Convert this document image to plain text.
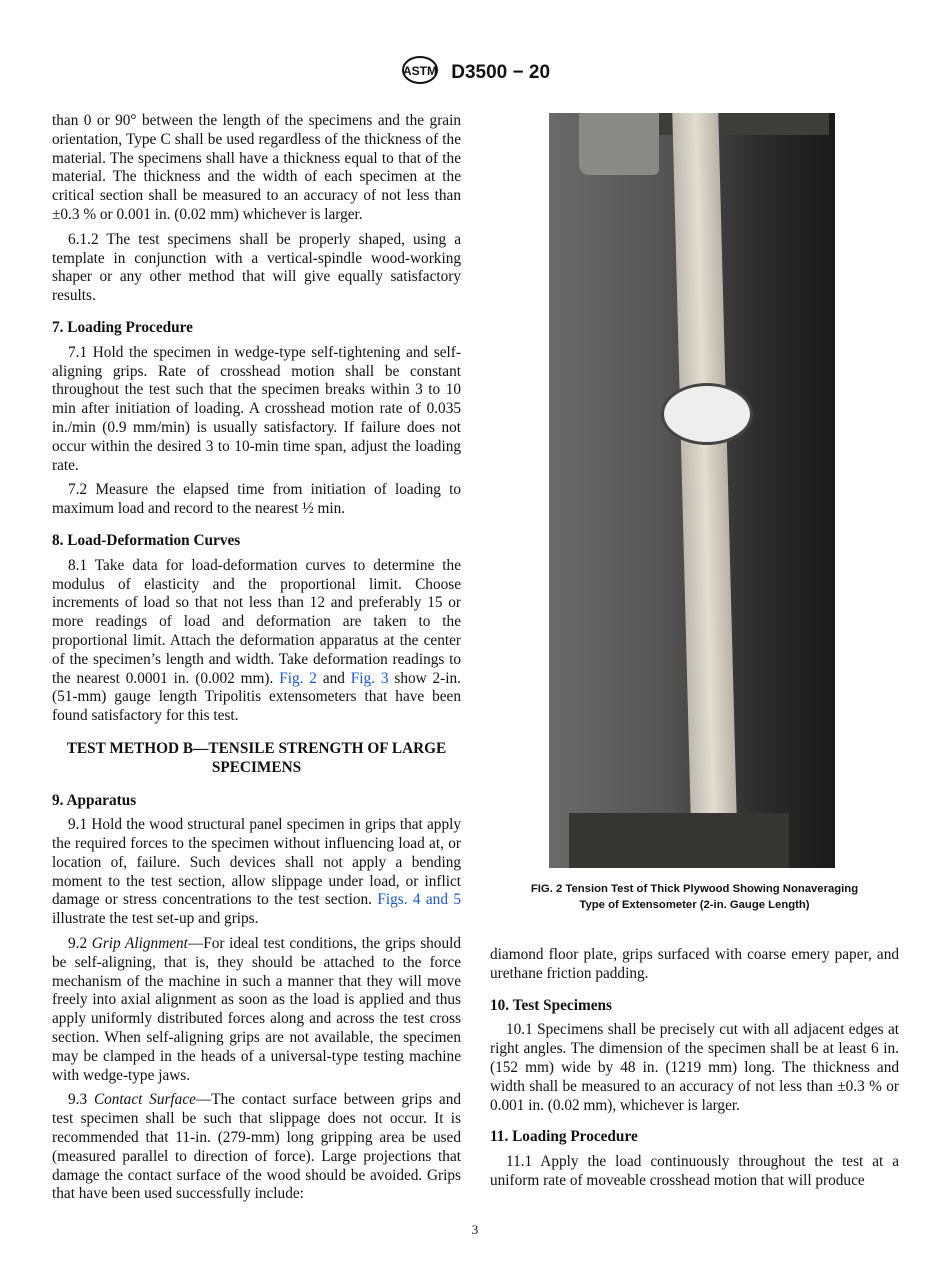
ASTM D3500 − 20

than 0 or 90° between the length of the specimens and the grain orientation, Type C shall be used regardless of the thickness of the material. The specimens shall have a thickness equal to that of the material. The thickness and the width of each specimen at the critical section shall be measured to an accuracy of not less than ±0.3 % or 0.001 in. (0.02 mm) whichever is larger.

6.1.2 The test specimens shall be properly shaped, using a template in conjunction with a vertical-spindle wood-working shaper or any other method that will give equally satisfactory results.

7. Loading Procedure

7.1 Hold the specimen in wedge-type self-tightening and self-aligning grips. Rate of crosshead motion shall be constant throughout the test such that the specimen breaks within 3 to 10 min after initiation of loading. A crosshead motion rate of 0.035 in./min (0.9 mm/min) is usually satisfactory. If failure does not occur within the desired 3 to 10-min time span, adjust the loading rate.

7.2 Measure the elapsed time from initiation of loading to maximum load and record to the nearest ½ min.

8. Load-Deformation Curves

8.1 Take data for load-deformation curves to determine the modulus of elasticity and the proportional limit. Choose increments of load so that not less than 12 and preferably 15 or more readings of load and deformation are taken to the proportional limit. Attach the deformation apparatus at the center of the specimen’s length and width. Take deformation readings to the nearest 0.0001 in. (0.002 mm). Fig. 2 and Fig. 3 show 2-in. (51-mm) gauge length Tripolitis extensometers that have been found satisfactory for this test.

TEST METHOD B—TENSILE STRENGTH OF LARGE SPECIMENS
9. Apparatus

9.1 Hold the wood structural panel specimen in grips that apply the required forces to the specimen without influencing load at, or location of, failure. Such devices shall not apply a bending moment to the test section, allow slippage under load, or inflict damage or stress concentrations to the test section. Figs. 4 and 5 illustrate the test set-up and grips.

9.2 Grip Alignment—For ideal test conditions, the grips should be self-aligning, that is, they should be attached to the force mechanism of the machine in such a manner that they will move freely into axial alignment as soon as the load is applied and thus apply uniformly distributed forces along and across the test cross section. When self-aligning grips are not available, the specimen may be clamped in the heads of a universal-type testing machine with wedge-type jaws.

9.3 Contact Surface—The contact surface between grips and test specimen shall be such that slippage does not occur. It is recommended that 11-in. (279-mm) long gripping area be used (measured parallel to direction of force). Large projections that damage the contact surface of the wood should be avoided. Grips that have been used successfully include:

FIG. 2 Tension Test of Thick Plywood Showing Nonaveraging
Type of Extensometer (2-in. Gauge Length)

diamond floor plate, grips surfaced with coarse emery paper, and urethane friction padding.

10. Test Specimens

10.1 Specimens shall be precisely cut with all adjacent edges at right angles. The dimension of the specimen shall be at least 6 in. (152 mm) wide by 48 in. (1219 mm) long. The thickness and width shall be measured to an accuracy of not less than ±0.3 % or 0.001 in. (0.02 mm), whichever is larger.

11. Loading Procedure

11.1 Apply the load continuously throughout the test at a uniform rate of moveable crosshead motion that will produce

3
